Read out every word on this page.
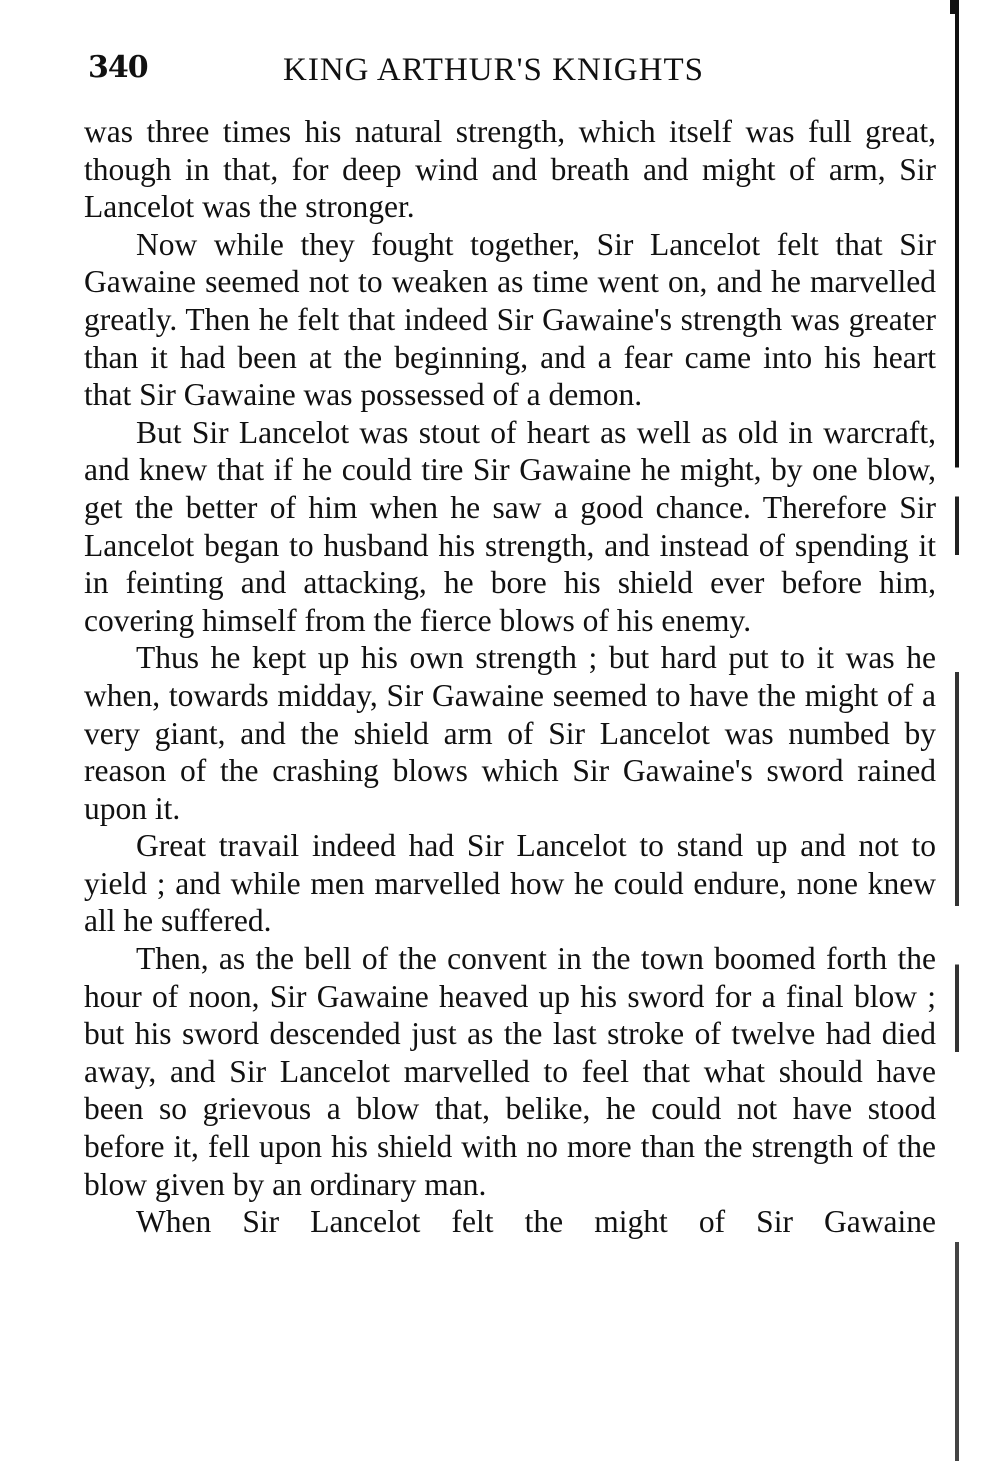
340	KING ARTHUR'S KNIGHTS

was three times his natural strength, which itself was full great, though in that, for deep wind and breath and might of arm, Sir Lancelot was the stronger.

Now while they fought together, Sir Lancelot felt that Sir Gawaine seemed not to weaken as time went on, and he marvelled greatly. Then he felt that indeed Sir Gawaine's strength was greater than it had been at the beginning, and a fear came into his heart that Sir Gawaine was possessed of a demon.

But Sir Lancelot was stout of heart as well as old in warcraft, and knew that if he could tire Sir Gawaine he might, by one blow, get the better of him when he saw a good chance. Therefore Sir Lancelot began to husband his strength, and instead of spending it in feinting and attacking, he bore his shield ever before him, covering himself from the fierce blows of his enemy.

Thus he kept up his own strength ; but hard put to it was he when, towards midday, Sir Gawaine seemed to have the might of a very giant, and the shield arm of Sir Lancelot was numbed by reason of the crashing blows which Sir Gawaine's sword rained upon it.

Great travail indeed had Sir Lancelot to stand up and not to yield ; and while men marvelled how he could endure, none knew all he suffered.

Then, as the bell of the convent in the town boomed forth the hour of noon, Sir Gawaine heaved up his sword for a final blow ; but his sword descended just as the last stroke of twelve had died away, and Sir Lancelot marvelled to feel that what should have been so grievous a blow that, belike, he could not have stood before it, fell upon his shield with no more than the strength of the blow given by an ordinary man.

When Sir Lancelot felt the might of Sir Gawaine
